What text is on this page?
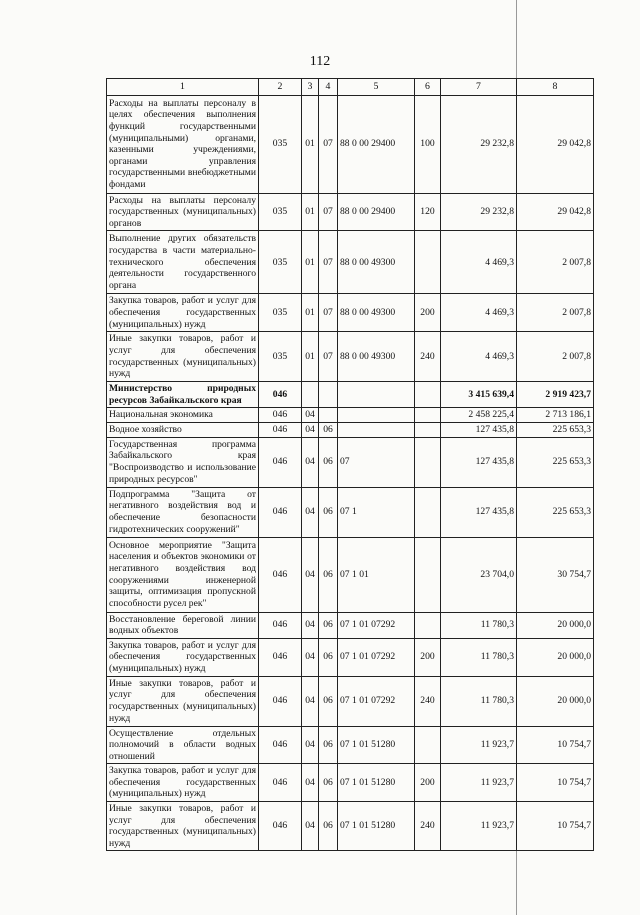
112
1	2	3	4	5	6	7	8
Расходы на выплаты персоналу в целях обеспечения выполнения функций государственными (муниципальными) органами, казенными учреждениями, органами управления государственными внебюджетными фондами	035	01	07	88 0 00 29400	100	29 232,8	29 042,8
Расходы на выплаты персоналу государственных (муниципальных) органов	035	01	07	88 0 00 29400	120	29 232,8	29 042,8
Выполнение других обязательств государства в части материально-технического обеспечения деятельности государственного органа	035	01	07	88 0 00 49300		4 469,3	2 007,8
Закупка товаров, работ и услуг для обеспечения государственных (муниципальных) нужд	035	01	07	88 0 00 49300	200	4 469,3	2 007,8
Иные закупки товаров, работ и услуг для обеспечения государственных (муниципальных) нужд	035	01	07	88 0 00 49300	240	4 469,3	2 007,8
Министерство природных ресурсов Забайкальского края	046					3 415 639,4	2 919 423,7
Национальная экономика	046	04				2 458 225,4	2 713 186,1
Водное хозяйство	046	04	06			127 435,8	225 653,3
Государственная программа Забайкальского края "Воспроизводство и использование природных ресурсов"	046	04	06	07		127 435,8	225 653,3
Подпрограмма "Защита от негативного воздействия вод и обеспечение безопасности гидротехнических сооружений"	046	04	06	07 1		127 435,8	225 653,3
Основное мероприятие "Защита населения и объектов экономики от негативного воздействия вод сооружениями инженерной защиты, оптимизация пропускной способности русел рек"	046	04	06	07 1 01		23 704,0	30 754,7
Восстановление береговой линии водных объектов	046	04	06	07 1 01 07292		11 780,3	20 000,0
Закупка товаров, работ и услуг для обеспечения государственных (муниципальных) нужд	046	04	06	07 1 01 07292	200	11 780,3	20 000,0
Иные закупки товаров, работ и услуг для обеспечения государственных (муниципальных) нужд	046	04	06	07 1 01 07292	240	11 780,3	20 000,0
Осуществление отдельных полномочий в области водных отношений	046	04	06	07 1 01 51280		11 923,7	10 754,7
Закупка товаров, работ и услуг для обеспечения государственных (муниципальных) нужд	046	04	06	07 1 01 51280	200	11 923,7	10 754,7
Иные закупки товаров, работ и услуг для обеспечения государственных (муниципальных) нужд	046	04	06	07 1 01 51280	240	11 923,7	10 754,7
